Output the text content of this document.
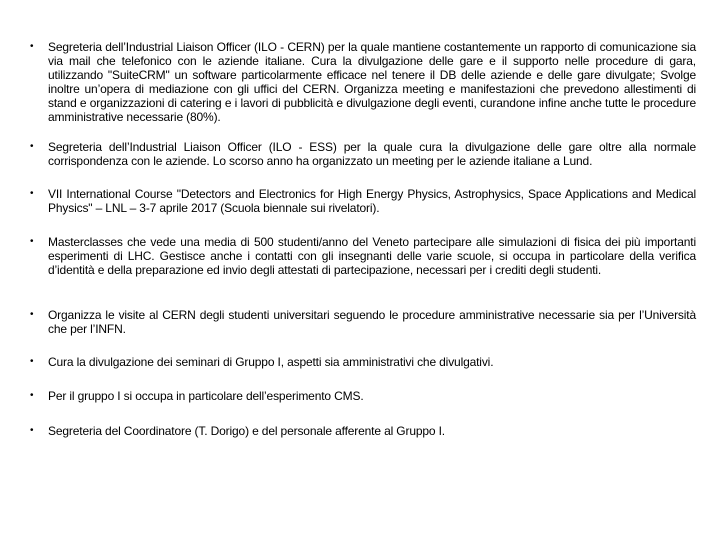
• Segreteria dell’Industrial Liaison Officer (ILO - CERN) per la quale mantiene costantemente un rapporto di comunicazione sia via mail che telefonico con le aziende italiane. Cura la divulgazione delle gare e il supporto nelle procedure di gara, utilizzando "SuiteCRM" un software particolarmente efficace nel tenere il DB delle aziende e delle gare divulgate; Svolge inoltre un’opera di mediazione con gli uffici del CERN. Organizza meeting e manifestazioni che prevedono allestimenti di stand e organizzazioni di catering e i lavori di pubblicità e divulgazione degli eventi, curandone infine anche tutte le procedure amministrative necessarie (80%).

• Segreteria dell’Industrial Liaison Officer (ILO - ESS) per la quale cura la divulgazione delle gare oltre alla normale corrispondenza con le aziende. Lo scorso anno ha organizzato un meeting per le aziende italiane a Lund.

• VII International Course "Detectors and Electronics for High Energy Physics, Astrophysics, Space Applications and Medical Physics" – LNL – 3-7 aprile 2017 (Scuola biennale sui rivelatori).

• Masterclasses che vede una media di 500 studenti/anno del Veneto partecipare alle simulazioni di fisica dei più importanti esperimenti di LHC. Gestisce anche i contatti con gli insegnanti delle varie scuole, si occupa in particolare della verifica d’identità e della preparazione ed invio degli attestati di partecipazione, necessari per i crediti degli studenti.

• Organizza le visite al CERN degli studenti universitari seguendo le procedure amministrative necessarie sia per l’Università che per l’INFN.

• Cura la divulgazione dei seminari di Gruppo I, aspetti sia amministrativi che divulgativi.

• Per il gruppo I si occupa in particolare dell’esperimento CMS.

• Segreteria del Coordinatore (T. Dorigo) e del personale afferente al Gruppo I.
